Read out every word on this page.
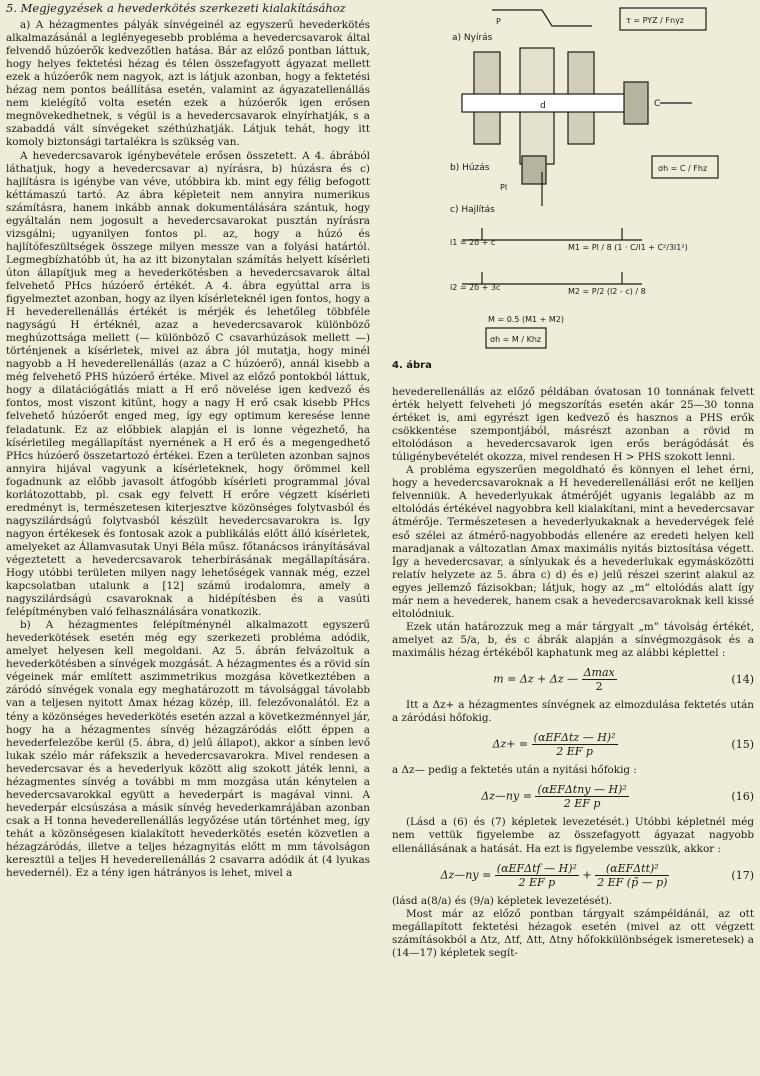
5. Megjegyzések a hevederkötés szerkezeti kialakításához

a) A hézagmentes pályák sínvégeinél az egyszerű hevederkötés alkalmazásánál a leglényegesebb probléma a hevedercsavarok által felvendő húzóerők kedvezőtlen hatása. Bár az előző pontban láttuk, hogy helyes fektetési hézag és télen összefagyott ágyazat mellett ezek a húzóerők nem nagyok, azt is látjuk azonban, hogy a fektetési hézag nem pontos beállítása esetén, valamint az ágyazatellenállás nem kielégítő volta esetén ezek a húzóerők igen erősen megnövekedhetnek, s végül is a hevedercsavarok elnyírhatják, s a szabaddá vált sínvégeket széthúzhatják. Látjuk tehát, hogy itt komoly biztonsági tartalékra is szükség van.

A hevedercsavarok igénybevétele erősen összetett. A 4. ábrából láthatjuk, hogy a hevedercsavar a) nyírásra, b) húzásra és c) hajlításra is igénybe van véve, utóbbira kb. mint egy félig befogott kéttámaszú tartó. Az ábra képleteit nem annyira numerikus számításra, hanem inkább annak dokumentálására szántuk, hogy egyáltalán nem jogosult a hevedercsavarokat pusztán nyírásra vizsgálni; ugyanilyen fontos pl. az, hogy a húzó és hajlítófeszültségek összege milyen messze van a folyási határtól. Legmegbízhatóbb út, ha az itt bizonytalan számítás helyett kísérleti úton állapítjuk meg a hevederkötésben a hevedercsavarok által felvehető PHcs húzóerő értékét. A 4. ábra egyúttal arra is figyelmeztet azonban, hogy az ilyen kísérleteknél igen fontos, hogy a H hevederellenállás értékét is mérjék és lehetőleg többféle nagyságú H értéknél, azaz a hevedercsavarok különböző meghúzottsága mellett (— különböző C csavarhúzások mellett —) történjenek a kísérletek, mivel az ábra jól mutatja, hogy minél nagyobb a H hevederellenállás (azaz a C húzóerő), annál kisebb a még felvehető PHS húzóerő értéke. Mivel az előző pontokból láttuk, hogy a dilatációgátlás miatt a H erő növelése igen kedvező és fontos, most viszont kitűnt, hogy a nagy H erő csak kisebb PHcs felvehető húzóerőt enged meg, így egy optimum keresése lenne feladatunk. Ez az előbbiek alapján el is lonne végezhető, ha kísérletileg megállapítást nyernének a H erő és a megengedhető PHcs húzóerő összetartozó értékei. Ezen a területen azonban sajnos annyira hijával vagyunk a kísérleteknek, hogy örömmel kell fogadnunk az előbb javasolt átfogóbb kísérleti programmal jóval korlátozottabb, pl. csak egy felvett H erőre végzett kísérleti eredményt is, természetesen kiterjesztve közönséges folytvasból és nagyszilárdságú folytvasból készült hevedercsavarokra is. Így nagyon értékesek és fontosak azok a publikálás előtt álló kísérletek, amelyeket az Államvasutak Unyi Béla műsz. főtanácsos irányításával végeztetett a hevedercsavarok teherbírásának megállapítására. Hogy utóbbi területen milyen nagy lehetőségek vannak még, ezzel kapcsolatban utalunk a [12] számú irodalomra, amely a nagyszilárdságú csavaroknak a hidépítésben és a vasúti felépítményben való felhasználására vonatkozik.

b) A hézagmentes felépítménynél alkalmazott egyszerű hevederkötések esetén még egy szerkezeti probléma adódik, amelyet helyesen kell megoldani. Az 5. ábrán felvázoltuk a hevederkötésben a sínvégek mozgását. A hézagmentes és a rövid sín végeinek már említett aszimmetrikus mozgása következtében a záródó sínvégek vonala egy meghatározott m távolsággal távolabb van a teljesen nyitott Δmax hézag közép, ill. felezővonalától. Ez a tény a közönséges hevederkötés esetén azzal a következménnyel jár, hogy ha a hézagmentes sínvég hézagzáródás előtt éppen a hevederfelezőbe kerül (5. ábra, d) jelű állapot), akkor a sínben levő lukak szélo már ráfekszik a hevedercsavarokra. Mivel rendesen a hevedercsavar és a hevederlyuk között alig szokott játék lenni, a hézagmentes sínvég a további m mm mozgása után kénytelen a hevedercsavarokkal együtt a hevederpárt is magával vinni. A hevederpár elcsúszása a másik sínvég hevederkamrájában azonban csak a H tonna hevederellenállás legyőzése után történhet meg, így tehát a közönségesen kialakított hevederkötés esetén közvetlen a hézagzáródás, illetve a teljes hézagnyitás előtt m mm távolságon keresztül a teljes H hevederellenállás 2 csavarra adódik át (4 lyukas hevedernél). Ez a tény igen hátrányos is lehet, mivel a

a) Nyírás
P	τ = PYZ / Fnyz
d	C
Pl
b) Húzás	σh = C / Fhz
c) Hajlítás
l1 = 2δ + c
M1 = Pl / 8 (1 · C/l1 + C²/3l1²)
l2 = 2δ + 3c	M2 = P/2 (l2 - c) / 8
M = 0.5 (M1 + M2)
σh = M / Khz
4. ábra

hevederellenállás az előző példában óvatosan 10 tonnának felvett érték helyett felveheti jó megszorítás esetén akár 25—30 tonna értéket is, ami egyrészt igen kedvező és hasznos a PHS erők csökkentése szempontjából, másrészt azonban a rövid m eltolódáson a hevedercsavarok igen erős berágódását és túligénybevételét okozza, mivel rendesen H > PHS szokott lenni.

A probléma egyszerűen megoldható és könnyen el lehet érni, hogy a hevedercsavaroknak a H hevederellenállási erőt ne kelljen felvenniük. A hevederlyukak átmérőjét ugyanis legalább az m eltolódás értékével nagyobbra kell kialakítani, mint a hevedercsavar átmérője. Természetesen a hevederlyukaknak a hevedervégek felé eső szélei az átmérő-nagyobbodás ellenére az eredeti helyen kell maradjanak a változatlan Δmax maximális nyitás biztosítása végett. Így a hevedercsavar, a sínlyukak és a hevederlukak egymásközötti relatív helyzete az 5. ábra c) d) és e) jelű részei szerint alakul az egyes jellemző fázisokban; látjuk, hogy az „m” eltolódás alatt így már nem a hevederek, hanem csak a hevedercsavaroknak kell kissé eltolódniuk.

Ezek után határozzuk meg a már tárgyalt „m” távolság értékét, amelyet az 5/a, b, és c ábrák alapján a sínvégmozgások és a maximális hézag értékéből kaphatunk meg az alábbi képlettel :

m = Δz + Δz — $\frac{\Delta\max}{2}$	(14)

Itt a Δz+ a hézagmentes sínvégnek az elmozdulása fektetés után a záródási hőfokig.

$\Delta z+ = \frac{\text{(αEFΔtz — H)²}}{\text{2 EF p}}$	(15)

a Δz— pedig a fektetés után a nyitási hőfokig :

Δz—ny = $\frac{\text{(αEFΔtny — H)²}}{\text{2 EF p}}$	(16)

(Lásd a (6) és (7) képletek levezetését.) Utóbbi képletnél még nem vettük figyelembe az összefagyott ágyazat nagyobb ellenállásának a hatását. Ha ezt is figyelembe vesszük, akkor :

Δz—ny = $\frac{\text{(αEFΔtf — H)²}}{\text{2 EF p}} + \frac{\text{(αEFΔtt)²}}{2 EF (p̃ — p)}$	(17)

(lásd a(8/a) és (9/a) képletek levezetését).

Most már az előző pontban tárgyalt számpéldánál, az ott megállapított fektetési hézagok esetén (mivel az ott végzett számításokból a Δtz, Δtf, Δtt, Δtny hőfokkülönbségek ismeretesek) a (14—17) képletek segít-
